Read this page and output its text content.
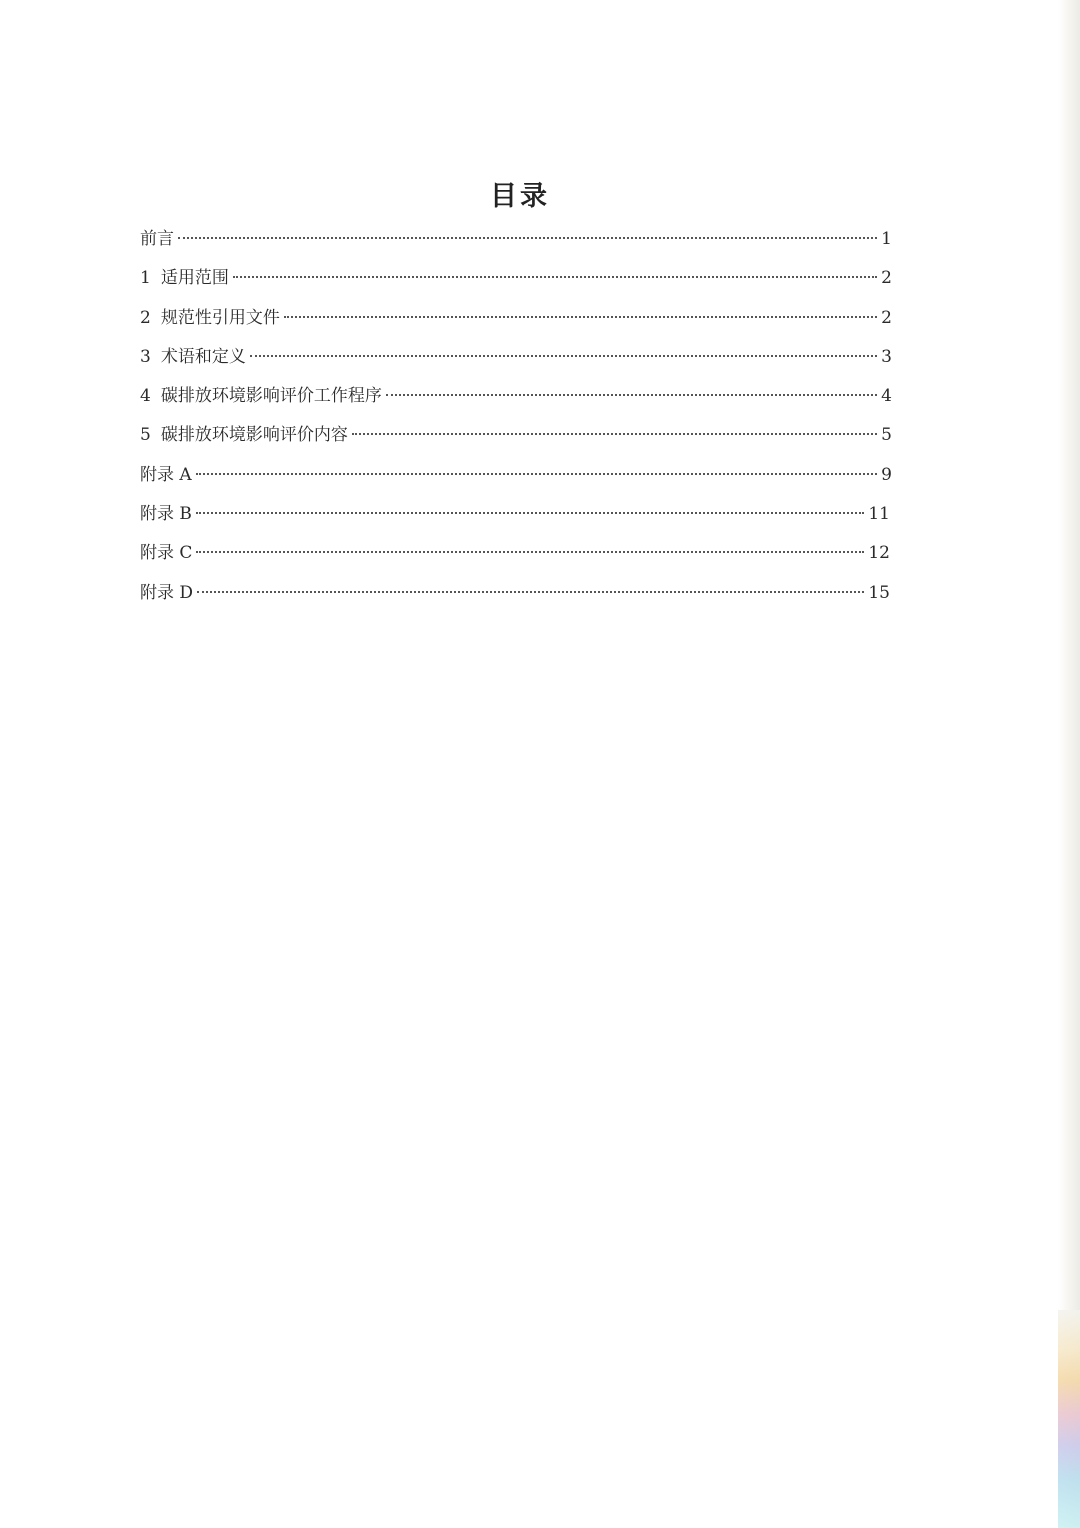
目录
前言	1
1 适用范围	2
2 规范性引用文件	2
3 术语和定义	3
4 碳排放环境影响评价工作程序	4
5 碳排放环境影响评价内容	5
附录 A	9
附录 B	11
附录 C	12
附录 D	15
